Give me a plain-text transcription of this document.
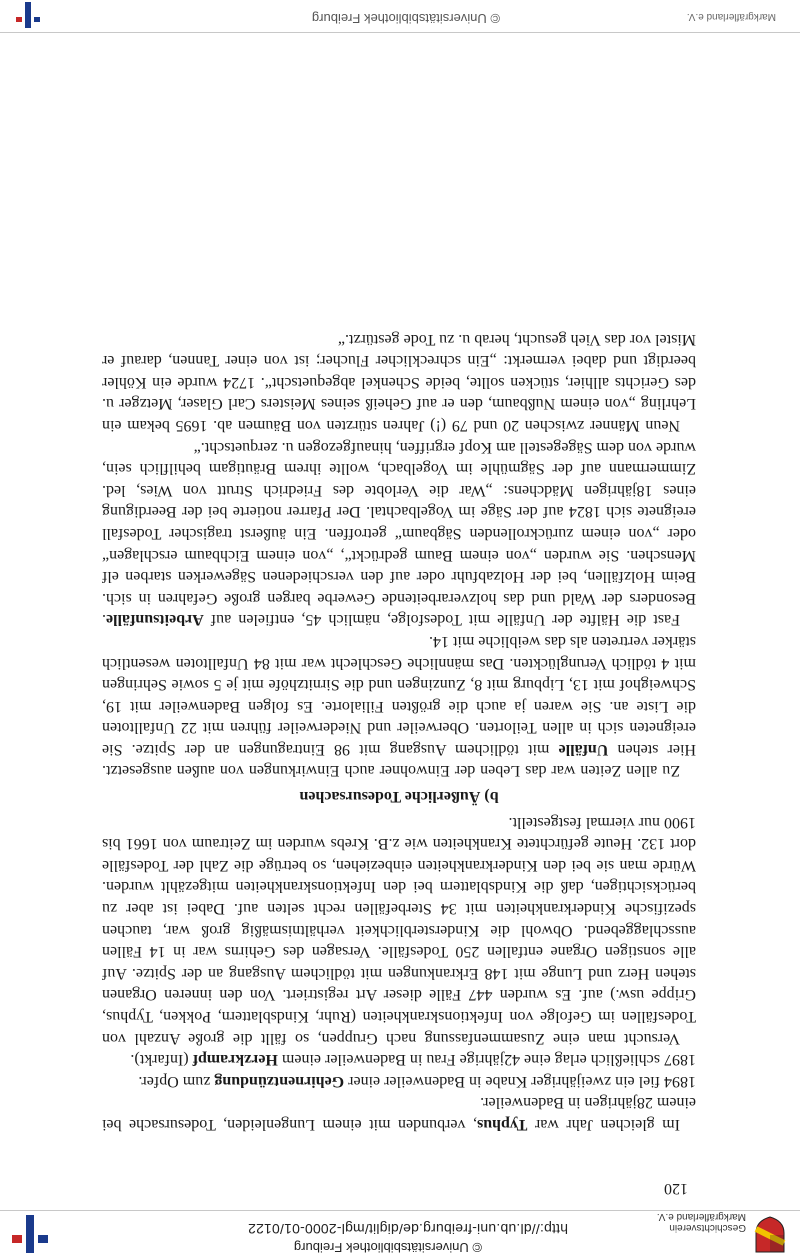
Geschichtsverein
Markgräflerland e.V.
© Universitätsbibliothek Freiburg
http://dl.ub.uni-freiburg.de/diglit/mgl-2000-01/0122
120

Im gleichen Jahr war Typhus, verbunden mit einem Lungenleiden, Todesursache bei einem 28jährigen in Badenweiler.

1894 fiel ein zweijähriger Knabe in Badenweiler einer Gehirnentzündung zum Opfer.

1897 schließlich erlag eine 42jährige Frau in Badenweiler einem Herzkrampf (Infarkt).

Versucht man eine Zusammenfassung nach Gruppen, so fällt die große Anzahl von Todesfällen im Gefolge von Infektionskrankheiten (Ruhr, Kindsblattern, Pokken, Typhus, Grippe usw.) auf. Es wurden 447 Fälle dieser Art registriert. Von den inneren Organen stehen Herz und Lunge mit 148 Erkrankungen mit tödlichem Ausgang an der Spitze. Auf alle sonstigen Organe entfallen 250 Todesfälle. Versagen des Gehirns war in 14 Fällen ausschlaggebend. Obwohl die Kindersterblichkeit verhältnismäßig groß war, tauchen spezifische Kinderkrankheiten mit 34 Sterbefällen recht selten auf. Dabei ist aber zu berücksichtigen, daß die Kindsblattern bei den Infektionskrankheiten mitgezählt wurden. Würde man sie bei den Kinderkrankheiten einbeziehen, so betrüge die Zahl der Todesfälle dort 132. Heute gefürchtete Krankheiten wie z.B. Krebs wurden im Zeitraum von 1661 bis 1900 nur viermal festgestellt.

b) Äußerliche Todesursachen

Zu allen Zeiten war das Leben der Einwohner auch Einwirkungen von außen ausgesetzt. Hier stehen Unfälle mit tödlichem Ausgang mit 98 Eintragungen an der Spitze. Sie ereigneten sich in allen Teilorten. Oberweiler und Niederweiler führen mit 22 Unfalltoten die Liste an. Sie waren ja auch die größten Filialorte. Es folgen Badenweiler mit 19, Schweighof mit 13, Lipburg mit 8, Zunzingen und die Sirnitzhöfe mit je 5 sowie Sehringen mit 4 tödlich Verunglückten. Das männliche Geschlecht war mit 84 Unfalltoten wesentlich stärker vertreten als das weibliche mit 14.

Fast die Hälfte der Unfälle mit Todesfolge, nämlich 45, entfielen auf Arbeitsunfälle. Besonders der Wald und das holzverarbeitende Gewerbe bargen große Gefahren in sich. Beim Holzfällen, bei der Holzabfuhr oder auf den verschiedenen Sägewerken starben elf Menschen. Sie wurden „von einem Baum gedrückt“, „von einem Eichbaum erschlagen“ oder „von einem zurückrollenden Sägbaum“ getroffen. Ein äußerst tragischer Todesfall ereignete sich 1824 auf der Säge im Vogelbachtal. Der Pfarrer notierte bei der Beerdigung eines 18jährigen Mädchens: „War die Verlobte des Friedrich Strutt von Wies, led. Zimmermann auf der Sägmühle im Vogelbach, wollte ihrem Bräutigam behilflich sein, wurde von dem Sägegestell am Kopf ergriffen, hinaufgezogen u. zerquetscht.“

Neun Männer zwischen 20 und 79 (!) Jahren stürzten von Bäumen ab. 1695 bekam ein Lehrling „von einem Nußbaum, den er auf Geheiß seines Meisters Carl Glaser, Metzger u. des Gerichts allhier, stücken sollte, beide Schenkel abgequetscht“. 1724 wurde ein Köhler beerdigt und dabei vermerkt: „Ein schrecklicher Flucher; ist von einer Tannen, darauf er Mistel vor das Vieh gesucht, herab u. zu Tode gestürzt.“

Markgräflerland e.V.
© Universitätsbibliothek Freiburg
